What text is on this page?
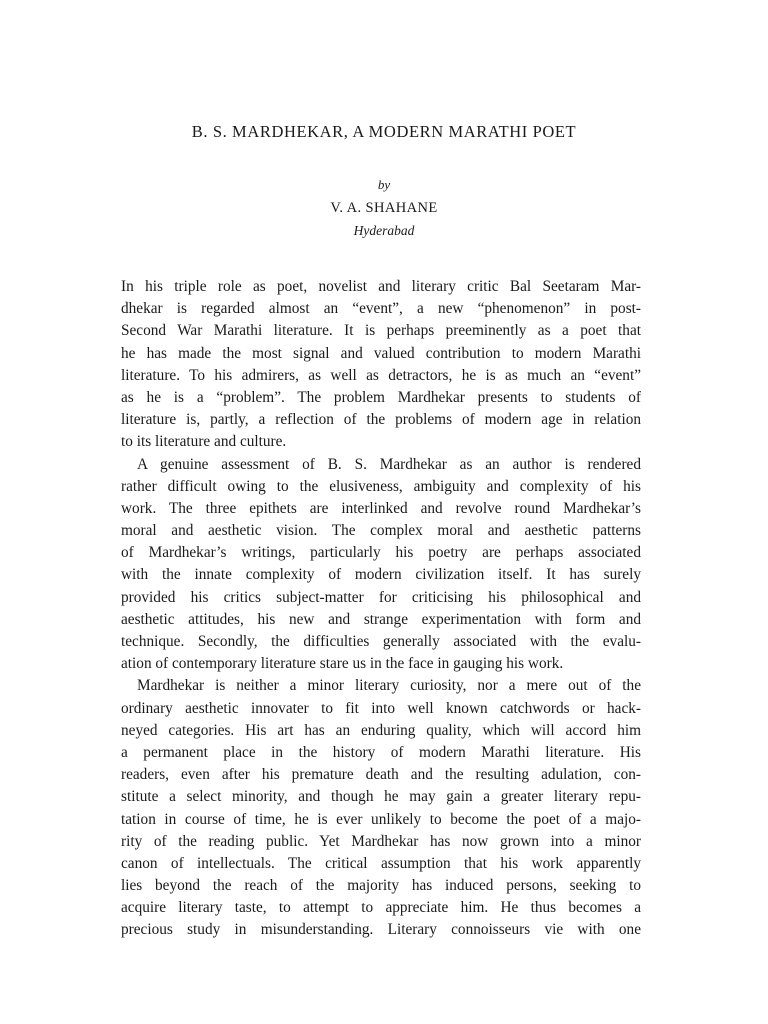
B. S. MARDHEKAR, A MODERN MARATHI POET
by
V. A. SHAHANE
Hyderabad
In his triple role as poet, novelist and literary critic Bal Seetaram Mar-
dhekar is regarded almost an “event”, a new “phenomenon” in post-
Second War Marathi literature. It is perhaps preeminently as a poet that
he has made the most signal and valued contribution to modern Marathi
literature. To his admirers, as well as detractors, he is as much an “event”
as he is a “problem”. The problem Mardhekar presents to students of
literature is, partly, a reflection of the problems of modern age in relation
to its literature and culture.
A genuine assessment of B. S. Mardhekar as an author is rendered
rather difficult owing to the elusiveness, ambiguity and complexity of his
work. The three epithets are interlinked and revolve round Mardhekar’s
moral and aesthetic vision. The complex moral and aesthetic patterns
of Mardhekar’s writings, particularly his poetry are perhaps associated
with the innate complexity of modern civilization itself. It has surely
provided his critics subject-matter for criticising his philosophical and
aesthetic attitudes, his new and strange experimentation with form and
technique. Secondly, the difficulties generally associated with the evalu-
ation of contemporary literature stare us in the face in gauging his work.
Mardhekar is neither a minor literary curiosity, nor a mere out of the
ordinary aesthetic innovater to fit into well known catchwords or hack-
neyed categories. His art has an enduring quality, which will accord him
a permanent place in the history of modern Marathi literature. His
readers, even after his premature death and the resulting adulation, con-
stitute a select minority, and though he may gain a greater literary repu-
tation in course of time, he is ever unlikely to become the poet of a majo-
rity of the reading public. Yet Mardhekar has now grown into a minor
canon of intellectuals. The critical assumption that his work apparently
lies beyond the reach of the majority has induced persons, seeking to
acquire literary taste, to attempt to appreciate him. He thus becomes a
precious study in misunderstanding. Literary connoisseurs vie with one
